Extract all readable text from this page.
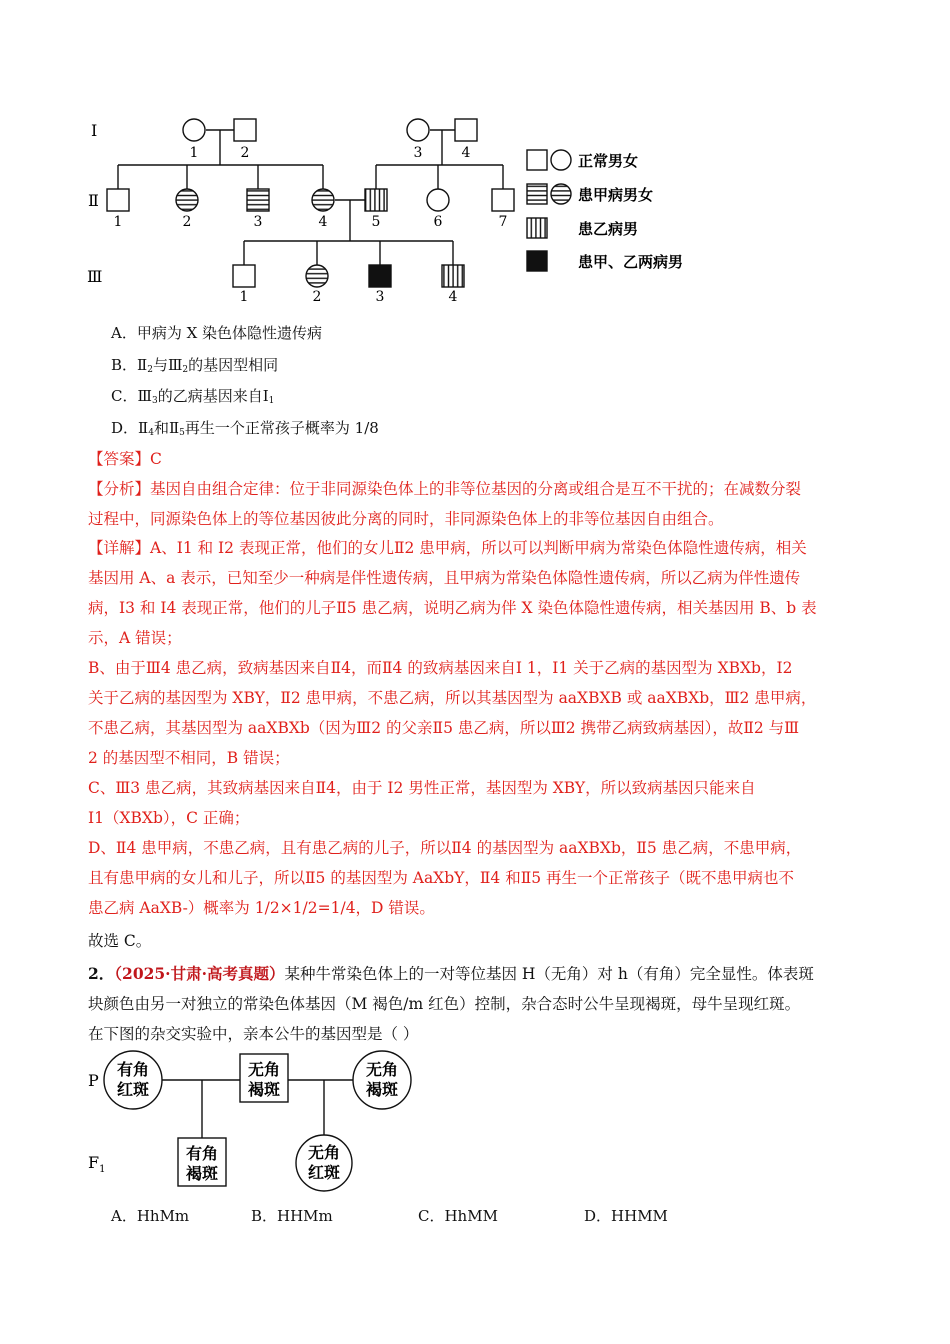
I
Ⅱ
Ⅲ
1	2	3	4
1	2	3	4	5	6	7
1	2	3	4
正常男女
患甲病男女
患乙病男
患甲、乙两病男
A．甲病为 X 染色体隐性遗传病
B．$Ⅱ_2$与$Ⅲ_2$的基因型相同
C．$Ⅲ_3$的乙病基因来自$Ⅰ_1$
D．$Ⅱ_4$和$Ⅱ_5$再生一个正常孩子概率为 1/8
【答案】C
【分析】基因自由组合定律：位于非同源染色体上的非等位基因的分离或组合是互不干扰的；在减数分裂
过程中，同源染色体上的等位基因彼此分离的同时，非同源染色体上的非等位基因自由组合。
【详解】A、I1 和 I2 表现正常，他们的女儿Ⅱ2 患甲病，所以可以判断甲病为常染色体隐性遗传病，相关
基因用 A、a 表示，已知至少一种病是伴性遗传病，且甲病为常染色体隐性遗传病，所以乙病为伴性遗传
病，I3 和 I4 表现正常，他们的儿子Ⅱ5 患乙病，说明乙病为伴 X 染色体隐性遗传病，相关基因用 B、b 表
示，A 错误；
B、由于Ⅲ4 患乙病，致病基因来自Ⅱ4，而Ⅱ4 的致病基因来自Ⅰ 1，I1 关于乙病的基因型为 XBXb，I2
关于乙病的基因型为 XBY，Ⅱ2 患甲病，不患乙病，所以其基因型为 aaXBXB 或 aaXBXb，Ⅲ2 患甲病，
不患乙病，其基因型为 aaXBXb（因为Ⅲ2 的父亲Ⅱ5 患乙病，所以Ⅲ2 携带乙病致病基因），故Ⅱ2 与Ⅲ
2 的基因型不相同，B 错误；
C、Ⅲ3 患乙病，其致病基因来自Ⅱ4，由于 I2 男性正常，基因型为 XBY，所以致病基因只能来自
I1（XBXb），C 正确；
D、Ⅱ4 患甲病，不患乙病，且有患乙病的儿子，所以Ⅱ4 的基因型为 aaXBXb，Ⅱ5 患乙病，不患甲病，
且有患甲病的女儿和儿子，所以Ⅱ5 的基因型为 AaXbY，Ⅱ4 和Ⅱ5 再生一个正常孩子（既不患甲病也不
患乙病 AaXB-）概率为 1/2×1/2=1/4，D 错误。
故选 C。
2．（2025·甘肃·高考真题）某种牛常染色体上的一对等位基因 H（无角）对 h（有角）完全显性。体表斑
块颜色由另一对独立的常染色体基因（M 褐色/m 红色）控制，杂合态时公牛呈现褐斑，母牛呈现红斑。
在下图的杂交实验中，亲本公牛的基因型是（ ）
P
$F_1$
有角
红斑
无角
褐斑
无角
褐斑
有角
褐斑
无角
红斑
A．HhMm	B．HHMm	C．HhMM	D．HHMM
